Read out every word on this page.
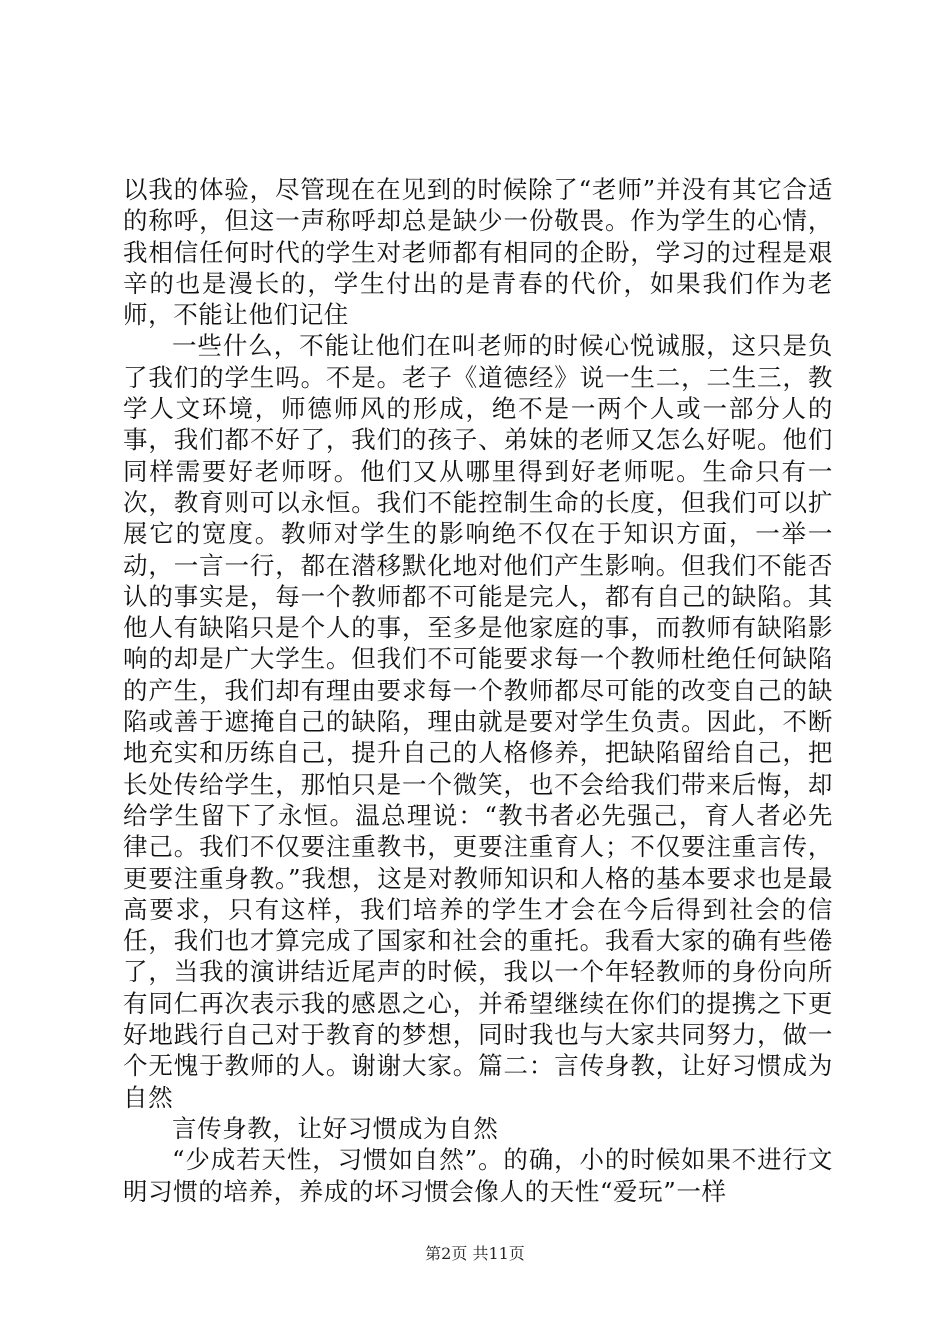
以我的体验，尽管现在在见到的时候除了“老师”并没有其它合适的称呼，但这一声称呼却总是缺少一份敬畏。作为学生的心情，我相信任何时代的学生对老师都有相同的企盼，学习的过程是艰辛的也是漫长的，学生付出的是青春的代价，如果我们作为老师，不能让他们记住

一些什么，不能让他们在叫老师的时候心悦诚服，这只是负了我们的学生吗。不是。老子《道德经》说一生二，二生三，教学人文环境，师德师风的形成，绝不是一两个人或一部分人的事，我们都不好了，我们的孩子、弟妹的老师又怎么好呢。他们同样需要好老师呀。他们又从哪里得到好老师呢。生命只有一次，教育则可以永恒。我们不能控制生命的长度，但我们可以扩展它的宽度。教师对学生的影响绝不仅在于知识方面，一举一动，一言一行，都在潜移默化地对他们产生影响。但我们不能否认的事实是，每一个教师都不可能是完人，都有自己的缺陷。其他人有缺陷只是个人的事，至多是他家庭的事，而教师有缺陷影响的却是广大学生。但我们不可能要求每一个教师杜绝任何缺陷的产生，我们却有理由要求每一个教师都尽可能的改变自己的缺陷或善于遮掩自己的缺陷，理由就是要对学生负责。因此，不断地充实和历练自己，提升自己的人格修养，把缺陷留给自己，把长处传给学生，那怕只是一个微笑，也不会给我们带来后悔，却给学生留下了永恒。温总理说：“教书者必先强己，育人者必先律己。我们不仅要注重教书，更要注重育人；不仅要注重言传，更要注重身教。”我想，这是对教师知识和人格的基本要求也是最高要求，只有这样，我们培养的学生才会在今后得到社会的信任，我们也才算完成了国家和社会的重托。我看大家的确有些倦了，当我的演讲结近尾声的时候，我以一个年轻教师的身份向所有同仁再次表示我的感恩之心，并希望继续在你们的提携之下更好地践行自己对于教育的梦想，同时我也与大家共同努力，做一个无愧于教师的人。谢谢大家。篇二：言传身教，让好习惯成为自然

言传身教，让好习惯成为自然

“少成若天性，习惯如自然”。的确，小的时候如果不进行文明习惯的培养，养成的坏习惯会像人的天性“爱玩”一样

第2页 共11页
